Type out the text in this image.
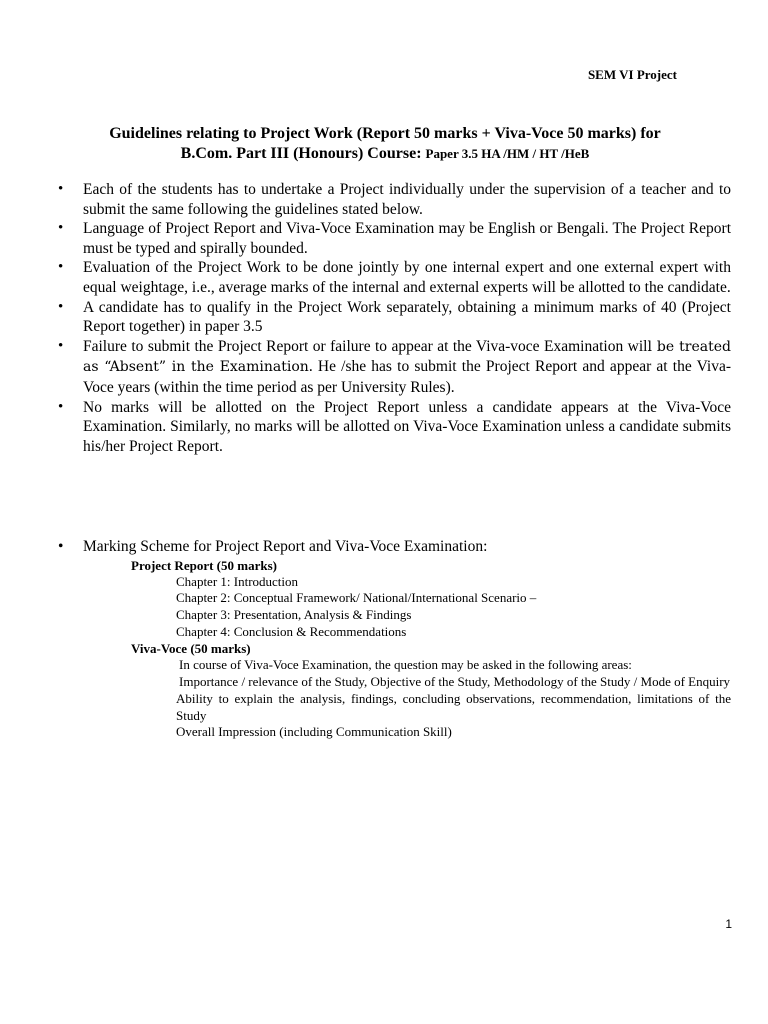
SEM VI Project
Guidelines relating to Project Work (Report 50 marks + Viva-Voce 50 marks) for
B.Com. Part III (Honours) Course: Paper 3.5 HA /HM / HT /HeB
• Each of the students has to undertake a Project individually under the supervision of a teacher and to submit the same following the guidelines stated below.
• Language of Project Report and Viva-Voce Examination may be English or Bengali. The Project Report must be typed and spirally bounded.
• Evaluation of the Project Work to be done jointly by one internal expert and one external expert with equal weightage, i.e., average marks of the internal and external experts will be allotted to the candidate.
• A candidate has to qualify in the Project Work separately, obtaining a minimum marks of 40 (Project Report together) in paper 3.5
• Failure to submit the Project Report or failure to appear at the Viva-voce Examination will be treated as “Absent” in the Examination. He /she has to submit the Project Report and appear at the Viva-Voce years (within the time period as per University Rules).
• No marks will be allotted on the Project Report unless a candidate appears at the Viva-Voce Examination. Similarly, no marks will be allotted on Viva-Voce Examination unless a candidate submits his/her Project Report.
• Marking Scheme for Project Report and Viva-Voce Examination:
Project Report (50 marks)
Chapter 1: Introduction
Chapter 2: Conceptual Framework/ National/International Scenario –
Chapter 3: Presentation, Analysis & Findings
Chapter 4: Conclusion & Recommendations
Viva-Voce (50 marks)
In course of Viva-Voce Examination, the question may be asked in the following areas:
Importance / relevance of the Study, Objective of the Study, Methodology of the Study / Mode of Enquiry
Ability to explain the analysis, findings, concluding observations, recommendation, limitations of the Study
Overall Impression (including Communication Skill)
1
